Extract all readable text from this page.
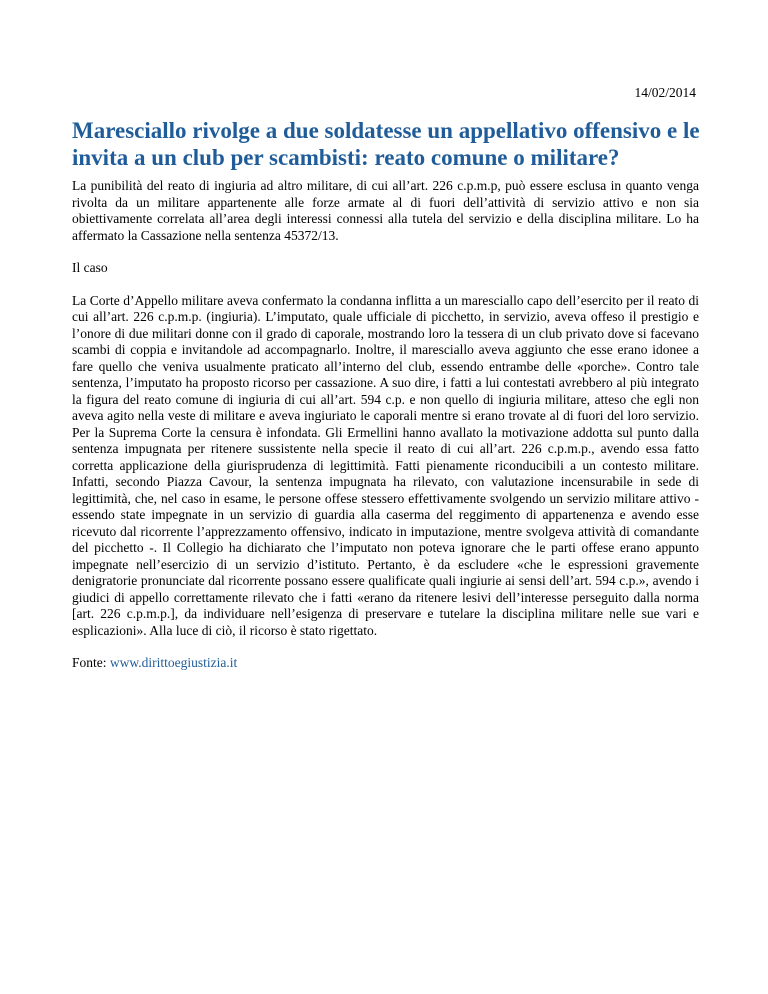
14/02/2014
Maresciallo rivolge a due soldatesse un appellativo offensivo e le invita a un club per scambisti: reato comune o militare?

La punibilità del reato di ingiuria ad altro militare, di cui all’art. 226 c.p.m.p, può essere esclusa in quanto venga rivolta da un militare appartenente alle forze armate al di fuori dell’attività di servizio attivo e non sia obiettivamente correlata all’area degli interessi connessi alla tutela del servizio e della disciplina militare. Lo ha affermato la Cassazione nella sentenza 45372/13.

Il caso

La Corte d’Appello militare aveva confermato la condanna inflitta a un maresciallo capo dell’esercito per il reato di cui all’art. 226 c.p.m.p. (ingiuria). L’imputato, quale ufficiale di picchetto, in servizio, aveva offeso il prestigio e l’onore di due militari donne con il grado di caporale, mostrando loro la tessera di un club privato dove si facevano scambi di coppia e invitandole ad accompagnarlo. Inoltre, il maresciallo aveva aggiunto che esse erano idonee a fare quello che veniva usualmente praticato all’interno del club, essendo entrambe delle «porche». Contro tale sentenza, l’imputato ha proposto ricorso per cassazione. A suo dire, i fatti a lui contestati avrebbero al più integrato la figura del reato comune di ingiuria di cui all’art. 594 c.p. e non quello di ingiuria militare, atteso che egli non aveva agito nella veste di militare e aveva ingiuriato le caporali mentre si erano trovate al di fuori del loro servizio. Per la Suprema Corte la censura è infondata. Gli Ermellini hanno avallato la motivazione addotta sul punto dalla sentenza impugnata per ritenere sussistente nella specie il reato di cui all’art. 226 c.p.m.p., avendo essa fatto corretta applicazione della giurisprudenza di legittimità. Fatti pienamente riconducibili a un contesto militare. Infatti, secondo Piazza Cavour, la sentenza impugnata ha rilevato, con valutazione incensurabile in sede di legittimità, che, nel caso in esame, le persone offese stessero effettivamente svolgendo un servizio militare attivo - essendo state impegnate in un servizio di guardia alla caserma del reggimento di appartenenza e avendo esse ricevuto dal ricorrente l’apprezzamento offensivo, indicato in imputazione, mentre svolgeva attività di comandante del picchetto -. Il Collegio ha dichiarato che l’imputato non poteva ignorare che le parti offese erano appunto impegnate nell’esercizio di un servizio d’istituto. Pertanto, è da escludere «che le espressioni gravemente denigratorie pronunciate dal ricorrente possano essere qualificate quali ingiurie ai sensi dell’art. 594 c.p.», avendo i giudici di appello correttamente rilevato che i fatti «erano da ritenere lesivi dell’interesse perseguito dalla norma [art. 226 c.p.m.p.], da individuare nell’esigenza di preservare e tutelare la disciplina militare nelle sue vari e esplicazioni». Alla luce di ciò, il ricorso è stato rigettato.

Fonte: www.dirittoegiustizia.it
